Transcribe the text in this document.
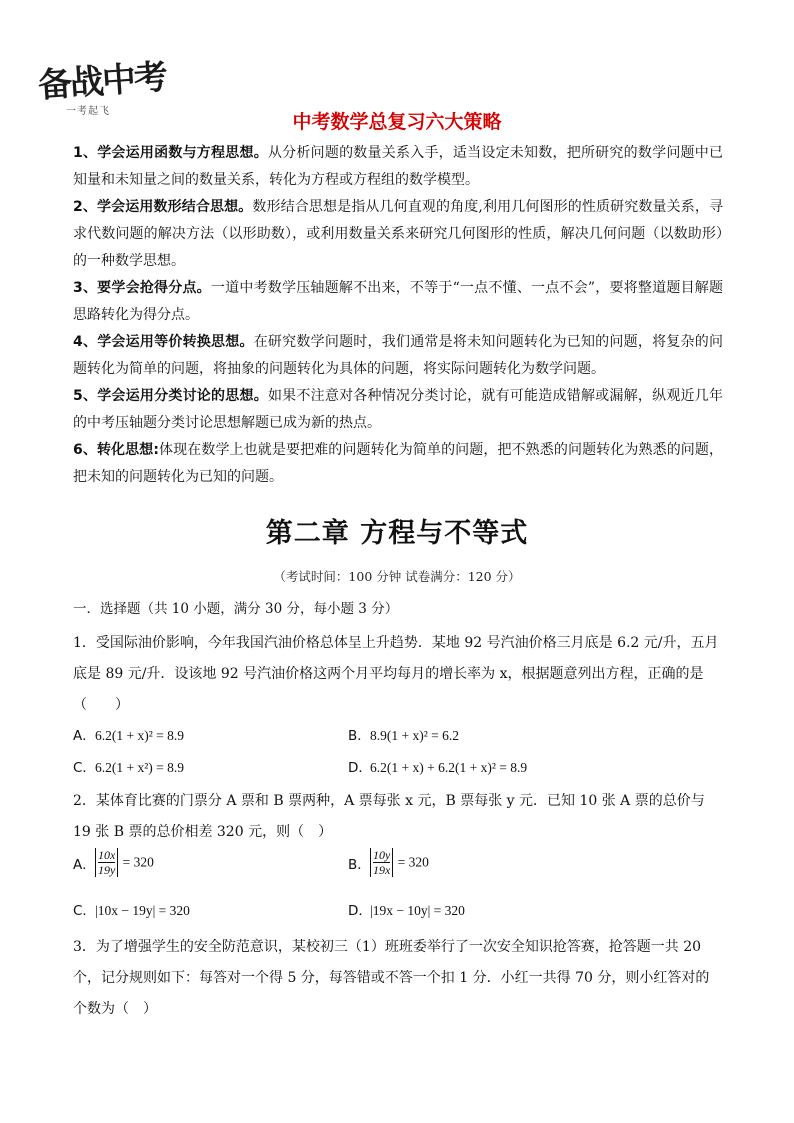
备战中考
一考起飞	中考数学总复习六大策略

1、学会运用函数与方程思想。从分析问题的数量关系入手，适当设定未知数，把所研究的数学问题中已知量和未知量之间的数量关系，转化为方程或方程组的数学模型。

2、学会运用数形结合思想。数形结合思想是指从几何直观的角度,利用几何图形的性质研究数量关系，寻求代数问题的解决方法（以形助数），或利用数量关系来研究几何图形的性质，解决几何问题（以数助形）的一种数学思想。

3、要学会抢得分点。一道中考数学压轴题解不出来，不等于“一点不懂、一点不会”，要将整道题目解题思路转化为得分点。

4、学会运用等价转换思想。在研究数学问题时，我们通常是将未知问题转化为已知的问题，将复杂的问题转化为简单的问题，将抽象的问题转化为具体的问题，将实际问题转化为数学问题。

5、学会运用分类讨论的思想。如果不注意对各种情况分类讨论，就有可能造成错解或漏解，纵观近几年的中考压轴题分类讨论思想解题已成为新的热点。

6、转化思想:体现在数学上也就是要把难的问题转化为简单的问题，把不熟悉的问题转化为熟悉的问题，把未知的问题转化为已知的问题。

第二章 方程与不等式
（考试时间：100 分钟 试卷满分：120 分）
一．选择题（共 10 小题，满分 30 分，每小题 3 分）
1．受国际油价影响，今年我国汽油价格总体呈上升趋势．某地 92 号汽油价格三月底是 6.2 元/升，五月底是 89 元/升．设该地 92 号汽油价格这两个月平均每月的增长率为 x，根据题意列出方程，正确的是（　　）
A．6.2(1 + x)² = 8.9	B．8.9(1 + x)² = 6.2
C．6.2(1 + x²) = 8.9	D．6.2(1 + x) + 6.2(1 + x)² = 8.9
2．某体育比赛的门票分 A 票和 B 票两种，A 票每张 x 元，B 票每张 y 元．已知 10 张 A 票的总价与 19 张 B 票的总价相差 320 元，则（　）
A． $\frac{10x}{19y} = 320$	B． $\frac{10y}{19x} = 320$
C．|10x − 19y| = 320	D．|19x − 10y| = 320
3．为了增强学生的安全防范意识，某校初三（1）班班委举行了一次安全知识抢答赛，抢答题一共 20 个，记分规则如下：每答对一个得 5 分，每答错或不答一个扣 1 分．小红一共得 70 分，则小红答对的个数为（　）
